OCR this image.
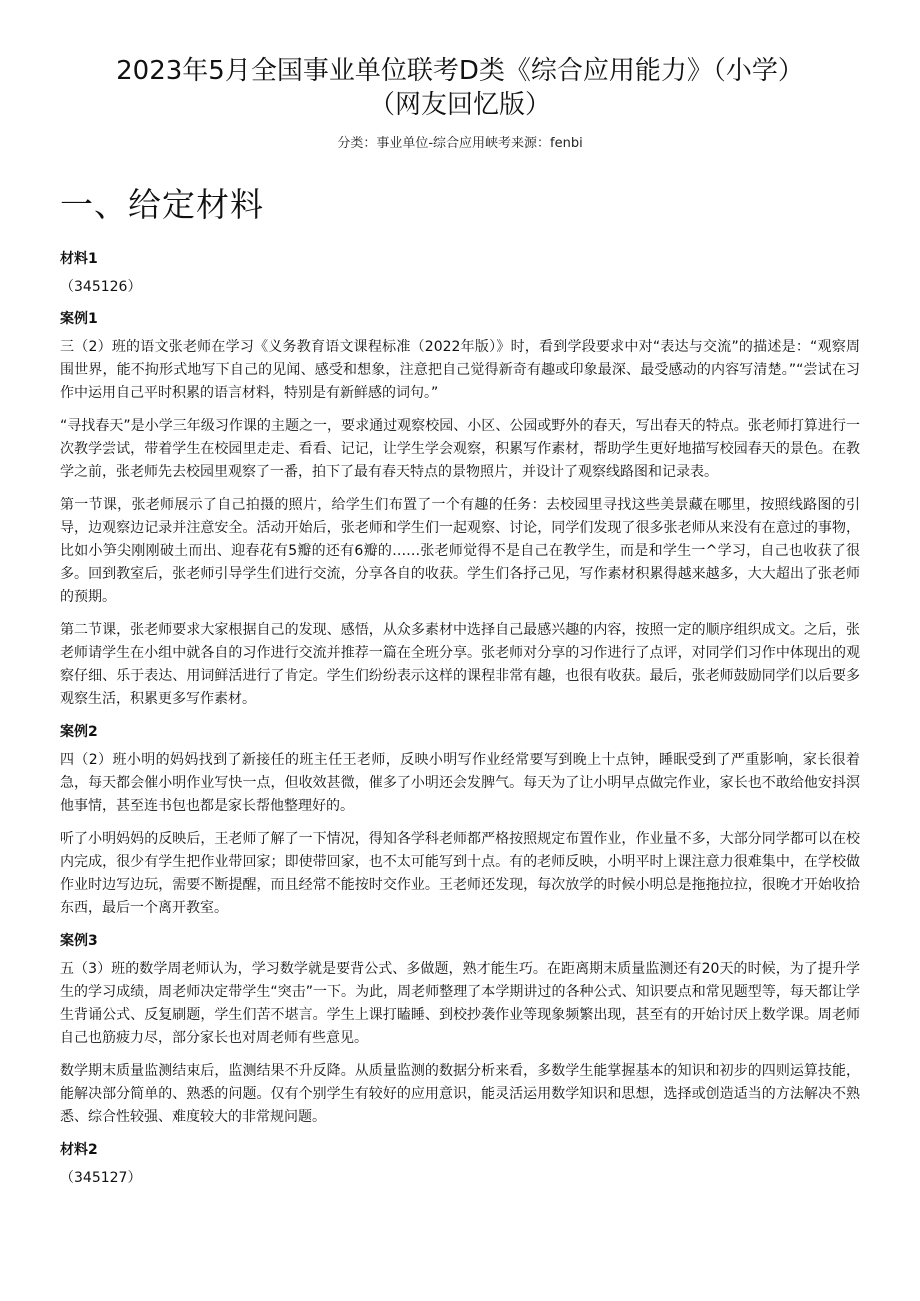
2023年5月全国事业单位联考D类《综合应用能力》（小学）
（网友回忆版）

分类：事业单位-综合应用峡考来源：fenbi

一、给定材料

材料1

（345126）

案例1

三（2）班的语文张老师在学习《义务教育语文课程标准（2022年版）》时，看到学段要求中对“表达与交流”的描述是：“观察周围世界，能不拘形式地写下自己的见闻、感受和想象，注意把自己觉得新奇有趣或印象最深、最受感动的内容写清楚。”“尝试在习作中运用自己平时积累的语言材料，特别是有新鲜感的词句。”

“寻找春天”是小学三年级习作课的主题之一，要求通过观察校园、小区、公园或野外的春天，写出春天的特点。张老师打算进行一次教学尝试，带着学生在校园里走走、看看、记记，让学生学会观察，积累写作素材，帮助学生更好地描写校园春天的景色。在教学之前，张老师先去校园里观察了一番，拍下了最有春天特点的景物照片，并设计了观察线路图和记录表。

第一节课，张老师展示了自己拍摄的照片，给学生们布置了一个有趣的任务：去校园里寻找这些美景藏在哪里，按照线路图的引导，边观察边记录并注意安全。活动开始后，张老师和学生们一起观察、讨论，同学们发现了很多张老师从来没有在意过的事物，比如小笋尖刚刚破土而出、迎春花有5瓣的还有6瓣的……张老师觉得不是自己在教学生，而是和学生一^学习，自己也收获了很多。回到教室后，张老师引导学生们进行交流，分享各自的收获。学生们各抒己见，写作素材积累得越来越多，大大超出了张老师的预期。

第二节课，张老师要求大家根据自己的发现、感悟，从众多素材中选择自己最感兴趣的内容，按照一定的顺序组织成文。之后，张老师请学生在小组中就各自的习作进行交流并推荐一篇在全班分享。张老师对分享的习作进行了点评，对同学们习作中体现出的观察仔细、乐于表达、用词鲜活进行了肯定。学生们纷纷表示这样的课程非常有趣，也很有收获。最后，张老师鼓励同学们以后要多观察生活，积累更多写作素材。

案例2

四（2）班小明的妈妈找到了新接任的班主任王老师，反映小明写作业经常要写到晚上十点钟，睡眠受到了严重影响，家长很着急，每天都会催小明作业写快一点，但收效甚微，催多了小明还会发脾气。每天为了让小明早点做完作业，家长也不敢给他安抖溟他事情，甚至连书包也都是家长帮他整理好的。

听了小明妈妈的反映后，王老师了解了一下情况，得知各学科老师都严格按照规定布置作业，作业量不多，大部分同学都可以在校内完成，很少有学生把作业带回家；即使带回家，也不太可能写到十点。有的老师反映，小明平时上课注意力很难集中，在学校做作业时边写边玩，需要不断提醒，而且经常不能按时交作业。王老师还发现，每次放学的时候小明总是拖拖拉拉，很晚才开始收拾东西，最后一个离开教室。

案例3

五（3）班的数学周老师认为，学习数学就是要背公式、多做题，熟才能生巧。在距离期末质量监测还有20天的时候，为了提升学生的学习成绩，周老师决定带学生“突击”一下。为此，周老师整理了本学期讲过的各种公式、知识要点和常见题型等，每天都让学生背诵公式、反复刷题，学生们苦不堪言。学生上课打瞌睡、到校抄袭作业等现象频繁出现，甚至有的开始讨厌上数学课。周老师自己也筋疲力尽，部分家长也对周老师有些意见。

数学期末质量监测结束后，监测结果不升反降。从质量监测的数据分析来看，多数学生能掌握基本的知识和初步的四则运算技能，能解决部分简单的、熟悉的问题。仅有个别学生有较好的应用意识，能灵活运用数学知识和思想，选择或创造适当的方法解决不熟悉、综合性较强、难度较大的非常规问题。

材料2

（345127）
